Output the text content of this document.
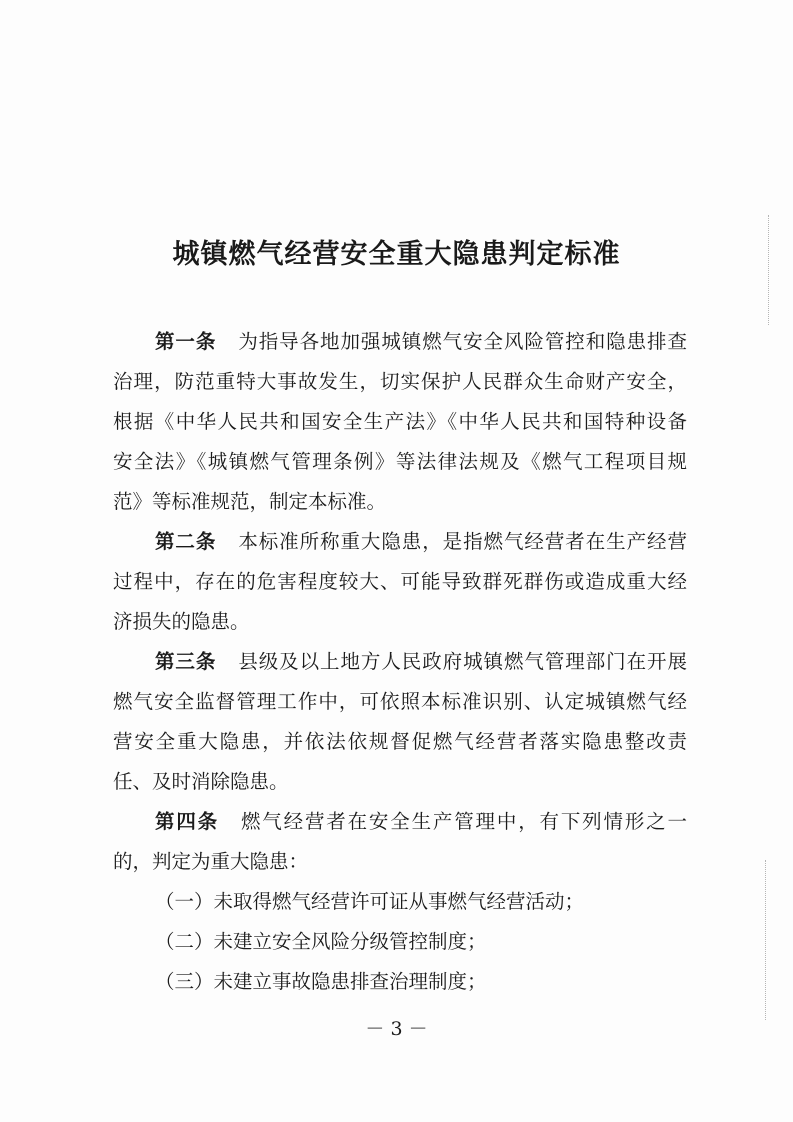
城镇燃气经营安全重大隐患判定标准
第一条 为指导各地加强城镇燃气安全风险管控和隐患排查
治理，防范重特大事故发生，切实保护人民群众生命财产安全，
根据《中华人民共和国安全生产法》《中华人民共和国特种设备
安全法》《城镇燃气管理条例》等法律法规及《燃气工程项目规
范》等标准规范，制定本标准。
第二条 本标准所称重大隐患，是指燃气经营者在生产经营
过程中，存在的危害程度较大、可能导致群死群伤或造成重大经
济损失的隐患。
第三条 县级及以上地方人民政府城镇燃气管理部门在开展
燃气安全监督管理工作中，可依照本标准识别、认定城镇燃气经
营安全重大隐患，并依法依规督促燃气经营者落实隐患整改责
任、及时消除隐患。
第四条 燃气经营者在安全生产管理中，有下列情形之一
的，判定为重大隐患：
（一）未取得燃气经营许可证从事燃气经营活动；
（二）未建立安全风险分级管控制度；
（三）未建立事故隐患排查治理制度；
－ 3 －
